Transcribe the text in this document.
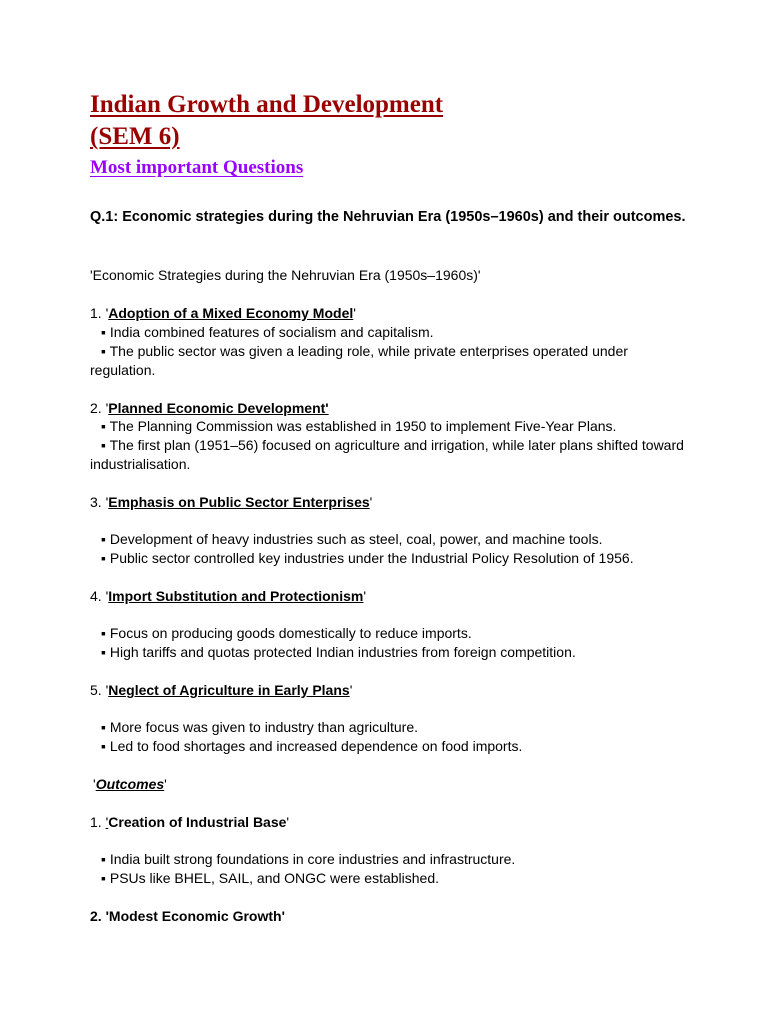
Indian Growth and Development
(SEM 6)
Most important Questions
Q.1: Economic strategies during the Nehruvian Era (1950s–1960s) and their outcomes.
'Economic Strategies during the Nehruvian Era (1950s–1960s)'
1. 'Adoption of a Mixed Economy Model'
▪ India combined features of socialism and capitalism.
▪ The public sector was given a leading role, while private enterprises operated under regulation.
2. 'Planned Economic Development'
▪ The Planning Commission was established in 1950 to implement Five-Year Plans.
▪ The first plan (1951–56) focused on agriculture and irrigation, while later plans shifted toward industrialisation.
3. 'Emphasis on Public Sector Enterprises'
▪ Development of heavy industries such as steel, coal, power, and machine tools.
▪ Public sector controlled key industries under the Industrial Policy Resolution of 1956.
4. 'Import Substitution and Protectionism'
▪ Focus on producing goods domestically to reduce imports.
▪ High tariffs and quotas protected Indian industries from foreign competition.
5. 'Neglect of Agriculture in Early Plans'
▪ More focus was given to industry than agriculture.
▪ Led to food shortages and increased dependence on food imports.
'Outcomes'
1. 'Creation of Industrial Base'
▪ India built strong foundations in core industries and infrastructure.
▪ PSUs like BHEL, SAIL, and ONGC were established.
2. 'Modest Economic Growth'
